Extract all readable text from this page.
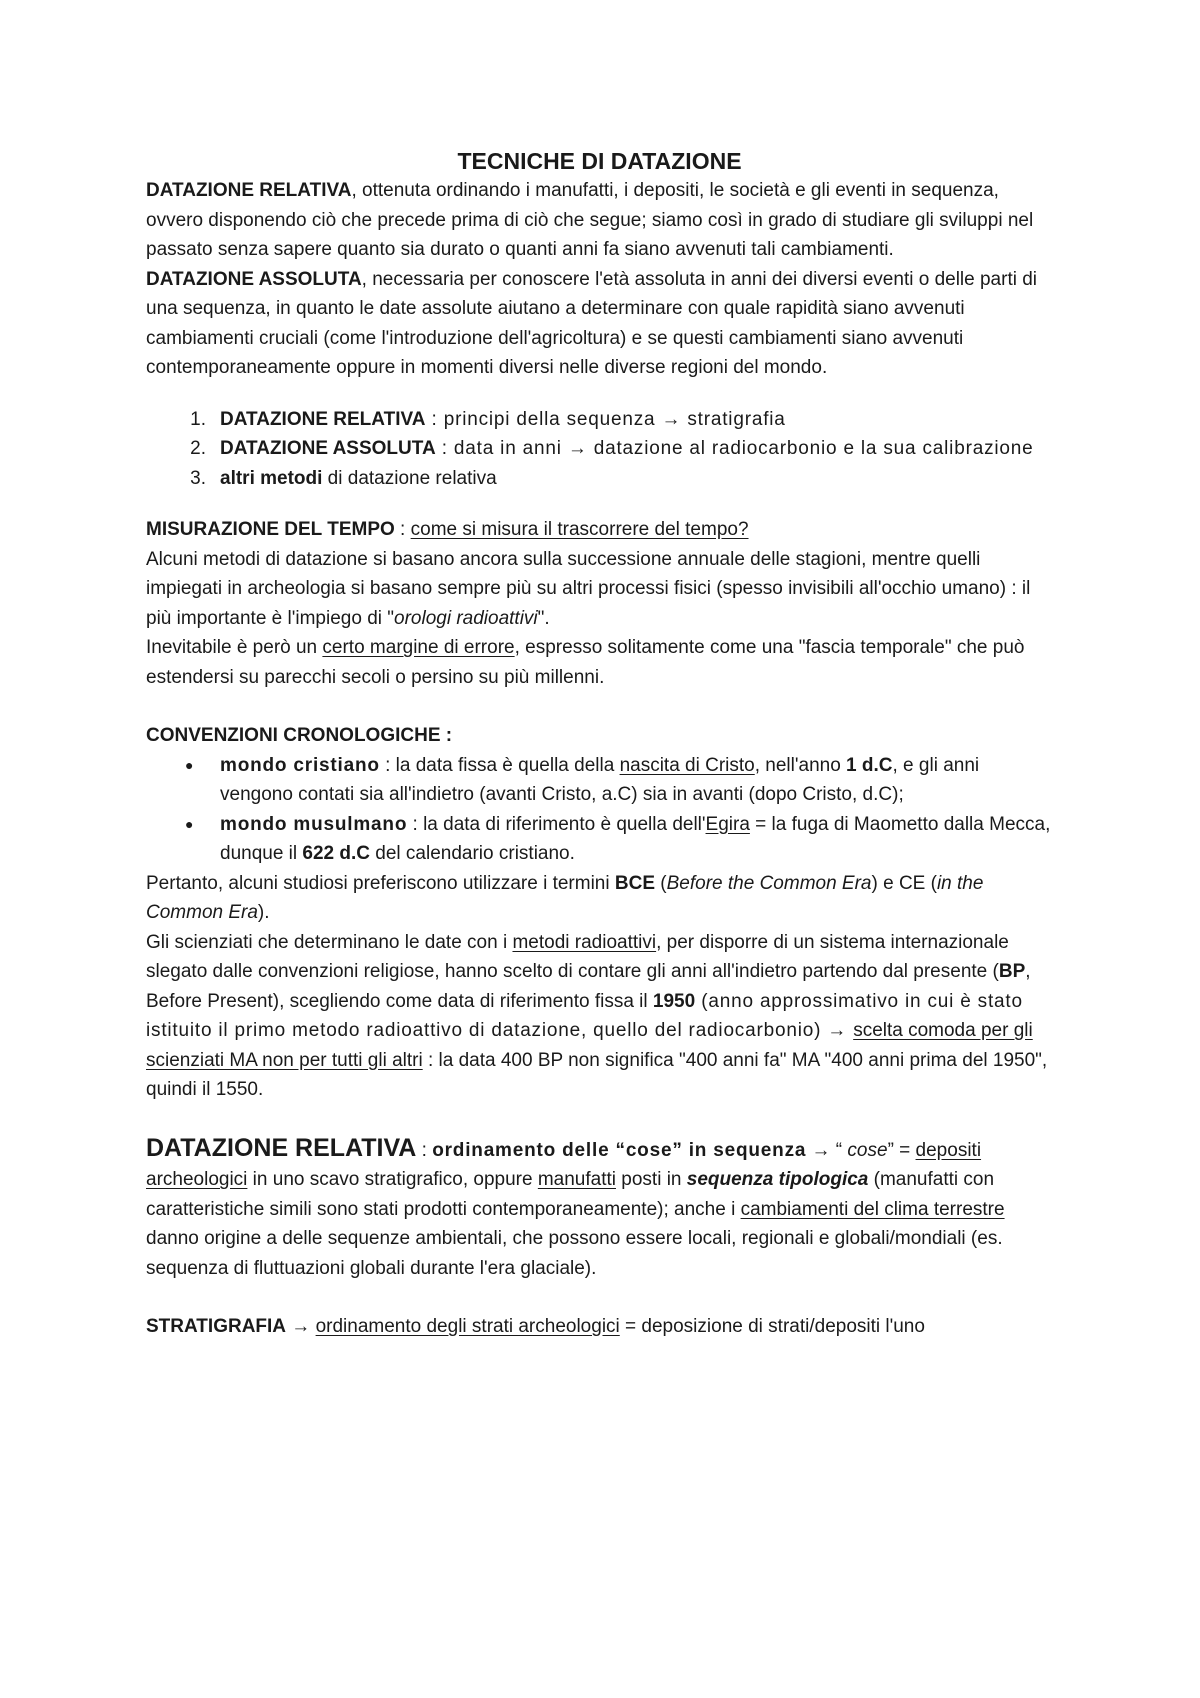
TECNICHE DI DATAZIONE

DATAZIONE RELATIVA, ottenuta ordinando i manufatti, i depositi, le società e gli eventi in sequenza, ovvero disponendo ciò che precede prima di ciò che segue; siamo così in grado di studiare gli sviluppi nel passato senza sapere quanto sia durato o quanti anni fa siano avvenuti tali cambiamenti.

DATAZIONE ASSOLUTA, necessaria per conoscere l'età assoluta in anni dei diversi eventi o delle parti di una sequenza, in quanto le date assolute aiutano a determinare con quale rapidità siano avvenuti cambiamenti cruciali (come l'introduzione dell'agricoltura) e se questi cambiamenti siano avvenuti contemporaneamente oppure in momenti diversi nelle diverse regioni del mondo.

1. DATAZIONE RELATIVA : principi della sequenza → stratigrafia
2. DATAZIONE ASSOLUTA : data in anni → datazione al radiocarbonio e la sua calibrazione
3. altri metodi di datazione relativa

MISURAZIONE DEL TEMPO : come si misura il trascorrere del tempo?

Alcuni metodi di datazione si basano ancora sulla successione annuale delle stagioni, mentre quelli impiegati in archeologia si basano sempre più su altri processi fisici (spesso invisibili all'occhio umano) : il più importante è l'impiego di "orologi radioattivi".

Inevitabile è però un certo margine di errore, espresso solitamente come una "fascia temporale" che può estendersi su parecchi secoli o persino su più millenni.

CONVENZIONI CRONOLOGICHE :

● mondo cristiano : la data fissa è quella della nascita di Cristo, nell'anno 1 d.C, e gli anni vengono contati sia all'indietro (avanti Cristo, a.C) sia in avanti (dopo Cristo, d.C);
● mondo musulmano : la data di riferimento è quella dell'Egira = la fuga di Maometto dalla Mecca, dunque il 622 d.C del calendario cristiano.

Pertanto, alcuni studiosi preferiscono utilizzare i termini BCE (Before the Common Era) e CE (in the Common Era).

Gli scienziati che determinano le date con i metodi radioattivi, per disporre di un sistema internazionale slegato dalle convenzioni religiose, hanno scelto di contare gli anni all'indietro partendo dal presente (BP, Before Present), scegliendo come data di riferimento fissa il 1950 (anno approssimativo in cui è stato istituito il primo metodo radioattivo di datazione, quello del radiocarbonio) → scelta comoda per gli scienziati MA non per tutti gli altri : la data 400 BP non significa "400 anni fa" MA "400 anni prima del 1950", quindi il 1550.

DATAZIONE RELATIVA : ordinamento delle “cose” in sequenza → “ cose” = depositi archeologici in uno scavo stratigrafico, oppure manufatti posti in sequenza tipologica (manufatti con caratteristiche simili sono stati prodotti contemporaneamente); anche i cambiamenti del clima terrestre danno origine a delle sequenze ambientali, che possono essere locali, regionali e globali/mondiali (es. sequenza di fluttuazioni globali durante l'era glaciale).

STRATIGRAFIA → ordinamento degli strati archeologici = deposizione di strati/depositi l'uno
